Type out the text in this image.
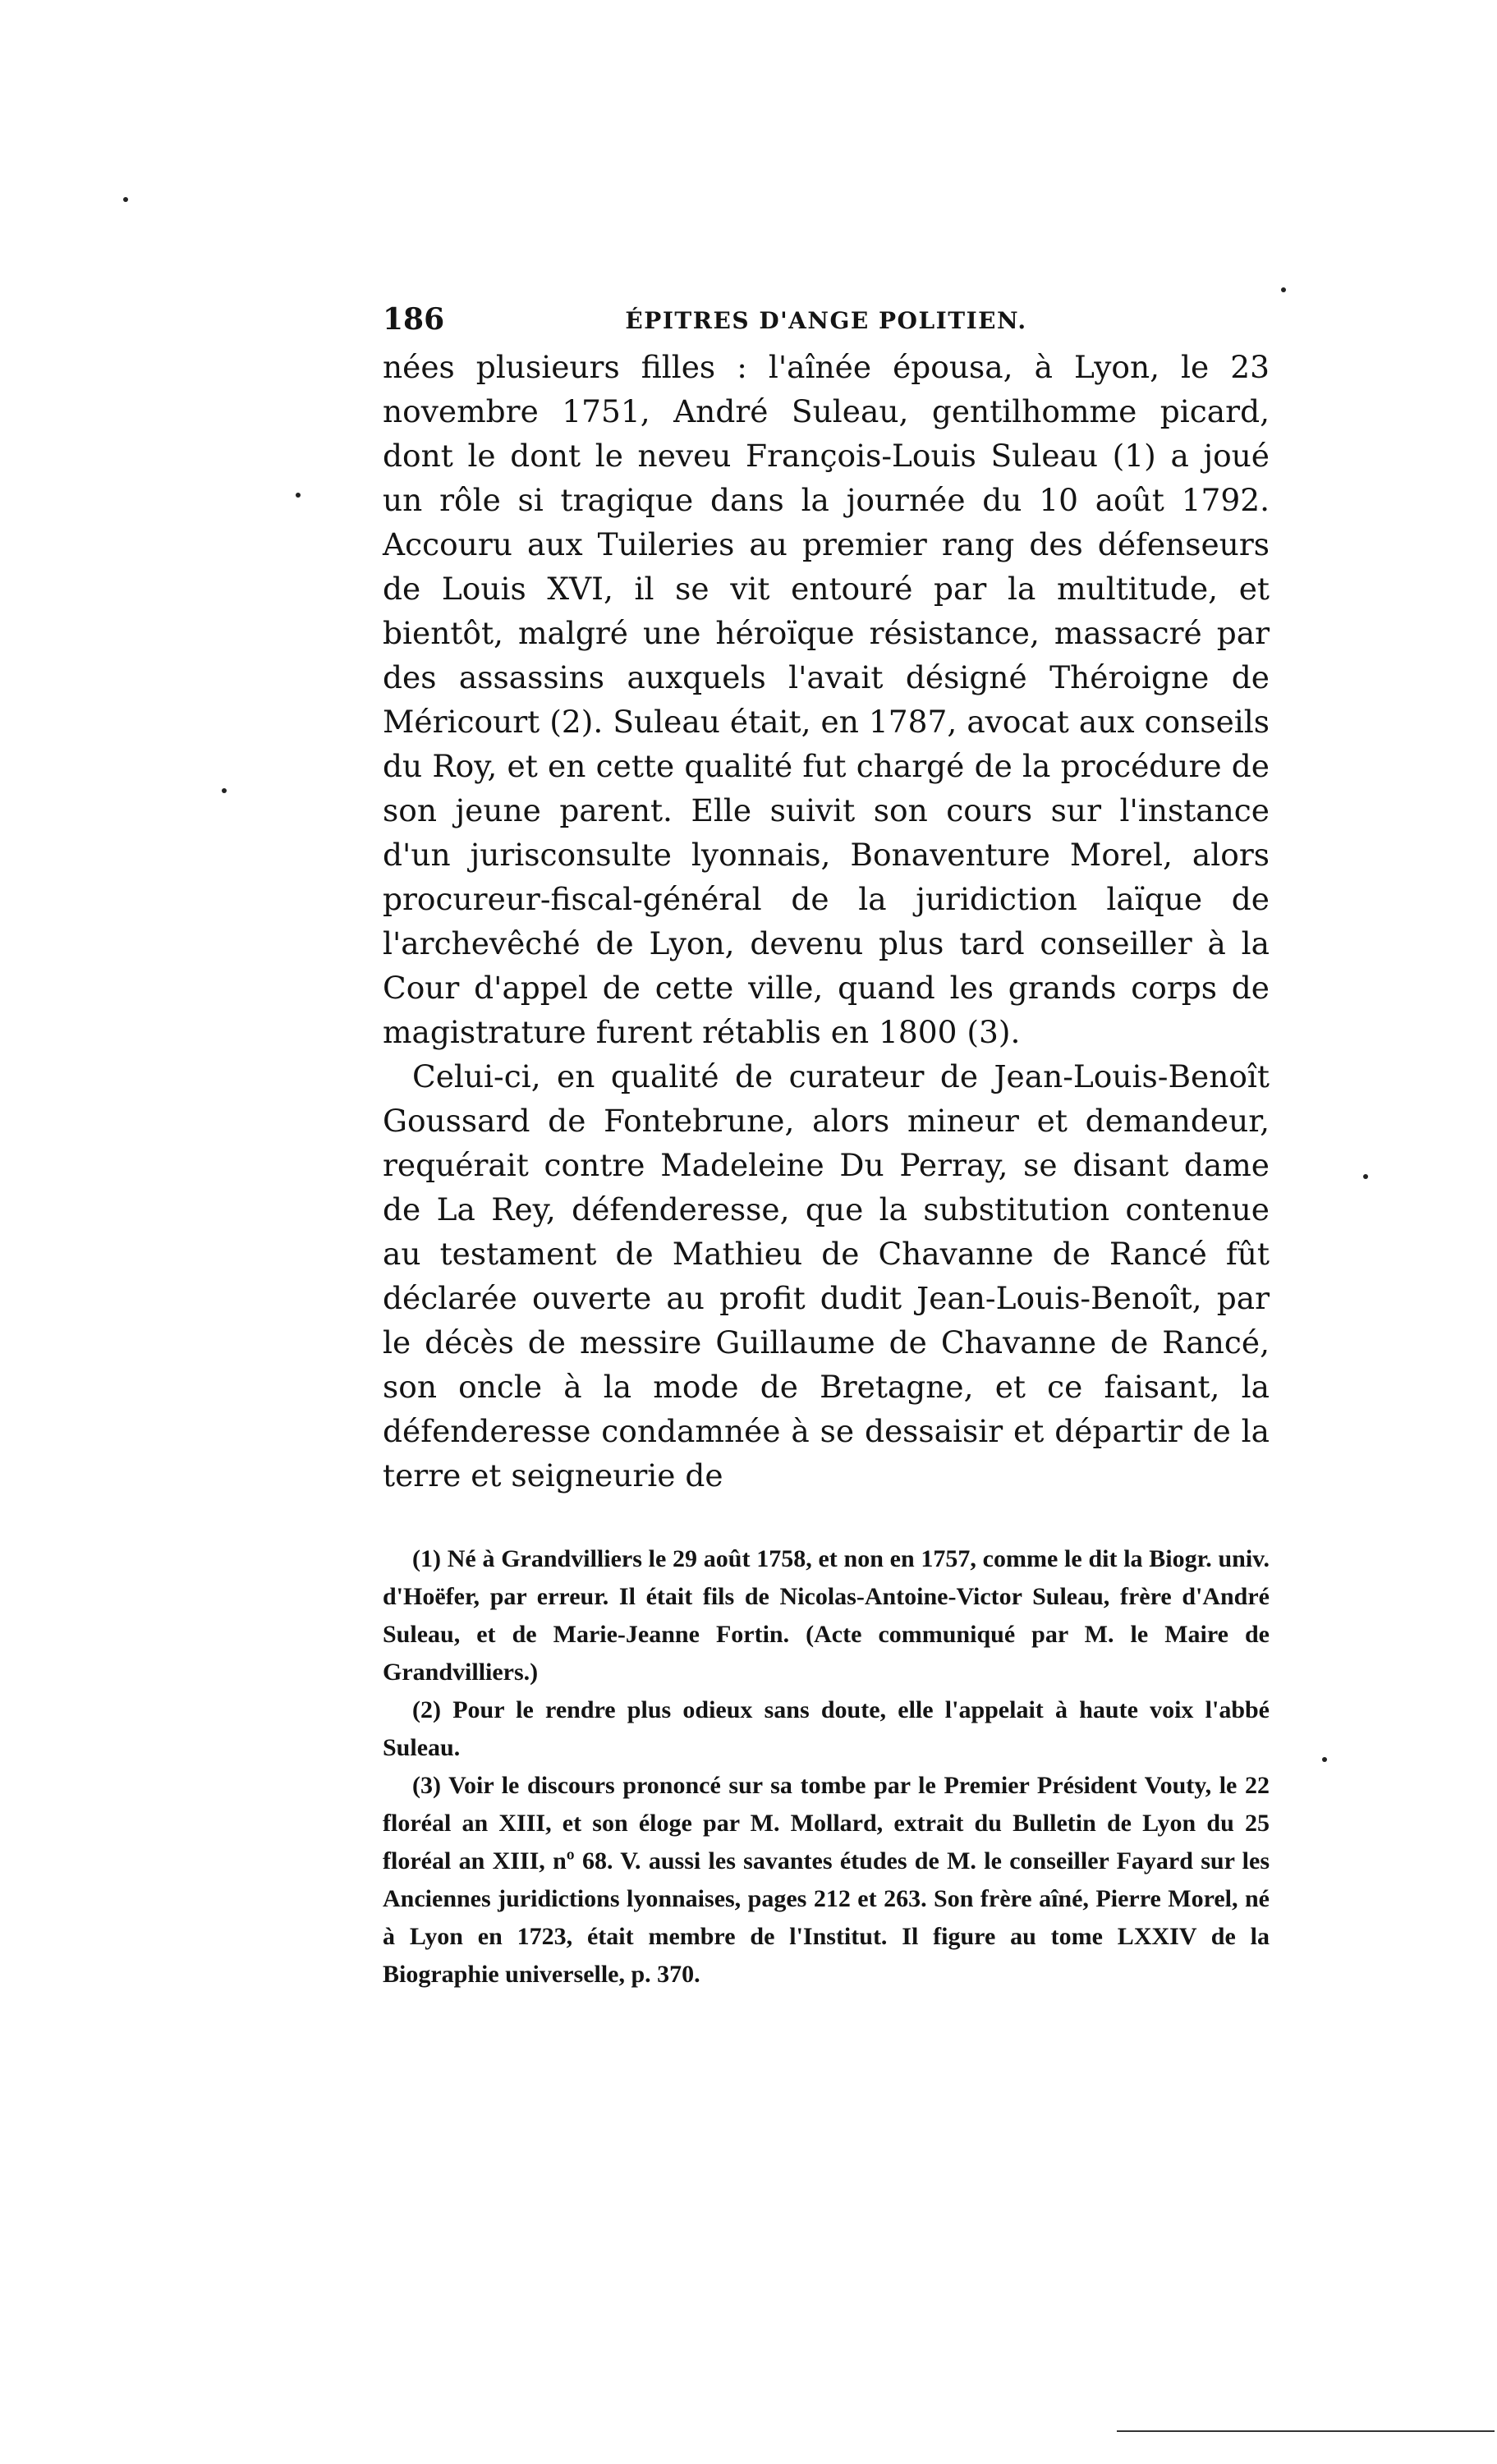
186	ÉPITRES D'ANGE POLITIEN.

nées plusieurs filles : l'aînée épousa, à Lyon, le 23 novembre 1751, André Suleau, gentilhomme picard, dont le dont le neveu François-Louis Suleau (1) a joué un rôle si tragique dans la journée du 10 août 1792. Accouru aux Tuileries au premier rang des défenseurs de Louis XVI, il se vit entouré par la multitude, et bientôt, malgré une héroïque résistance, massacré par des assassins auxquels l'avait désigné Théroigne de Méricourt (2). Suleau était, en 1787, avocat aux conseils du Roy, et en cette qualité fut chargé de la procédure de son jeune parent. Elle suivit son cours sur l'instance d'un jurisconsulte lyonnais, Bonaventure Morel, alors procureur-fiscal-général de la juridiction laïque de l'archevêché de Lyon, devenu plus tard conseiller à la Cour d'appel de cette ville, quand les grands corps de magistrature furent rétablis en 1800 (3).

Celui-ci, en qualité de curateur de Jean-Louis-Benoît Goussard de Fontebrune, alors mineur et demandeur, requérait contre Madeleine Du Perray, se disant dame de La Rey, défenderesse, que la substitution contenue au testament de Mathieu de Chavanne de Rancé fût déclarée ouverte au profit dudit Jean-Louis-Benoît, par le décès de messire Guillaume de Chavanne de Rancé, son oncle à la mode de Bretagne, et ce faisant, la défenderesse condamnée à se dessaisir et départir de la terre et seigneurie de

(1) Né à Grandvilliers le 29 août 1758, et non en 1757, comme le dit la Biogr. univ. d'Hoëfer, par erreur. Il était fils de Nicolas-Antoine-Victor Suleau, frère d'André Suleau, et de Marie-Jeanne Fortin. (Acte communiqué par M. le Maire de Grandvilliers.)

(2) Pour le rendre plus odieux sans doute, elle l'appelait à haute voix l'abbé Suleau.

(3) Voir le discours prononcé sur sa tombe par le Premier Président Vouty, le 22 floréal an XIII, et son éloge par M. Mollard, extrait du Bulletin de Lyon du 25 floréal an XIII, nº 68. V. aussi les savantes études de M. le conseiller Fayard sur les Anciennes juridictions lyonnaises, pages 212 et 263. Son frère aîné, Pierre Morel, né à Lyon en 1723, était membre de l'Institut. Il figure au tome LXXIV de la Biographie universelle, p. 370.
